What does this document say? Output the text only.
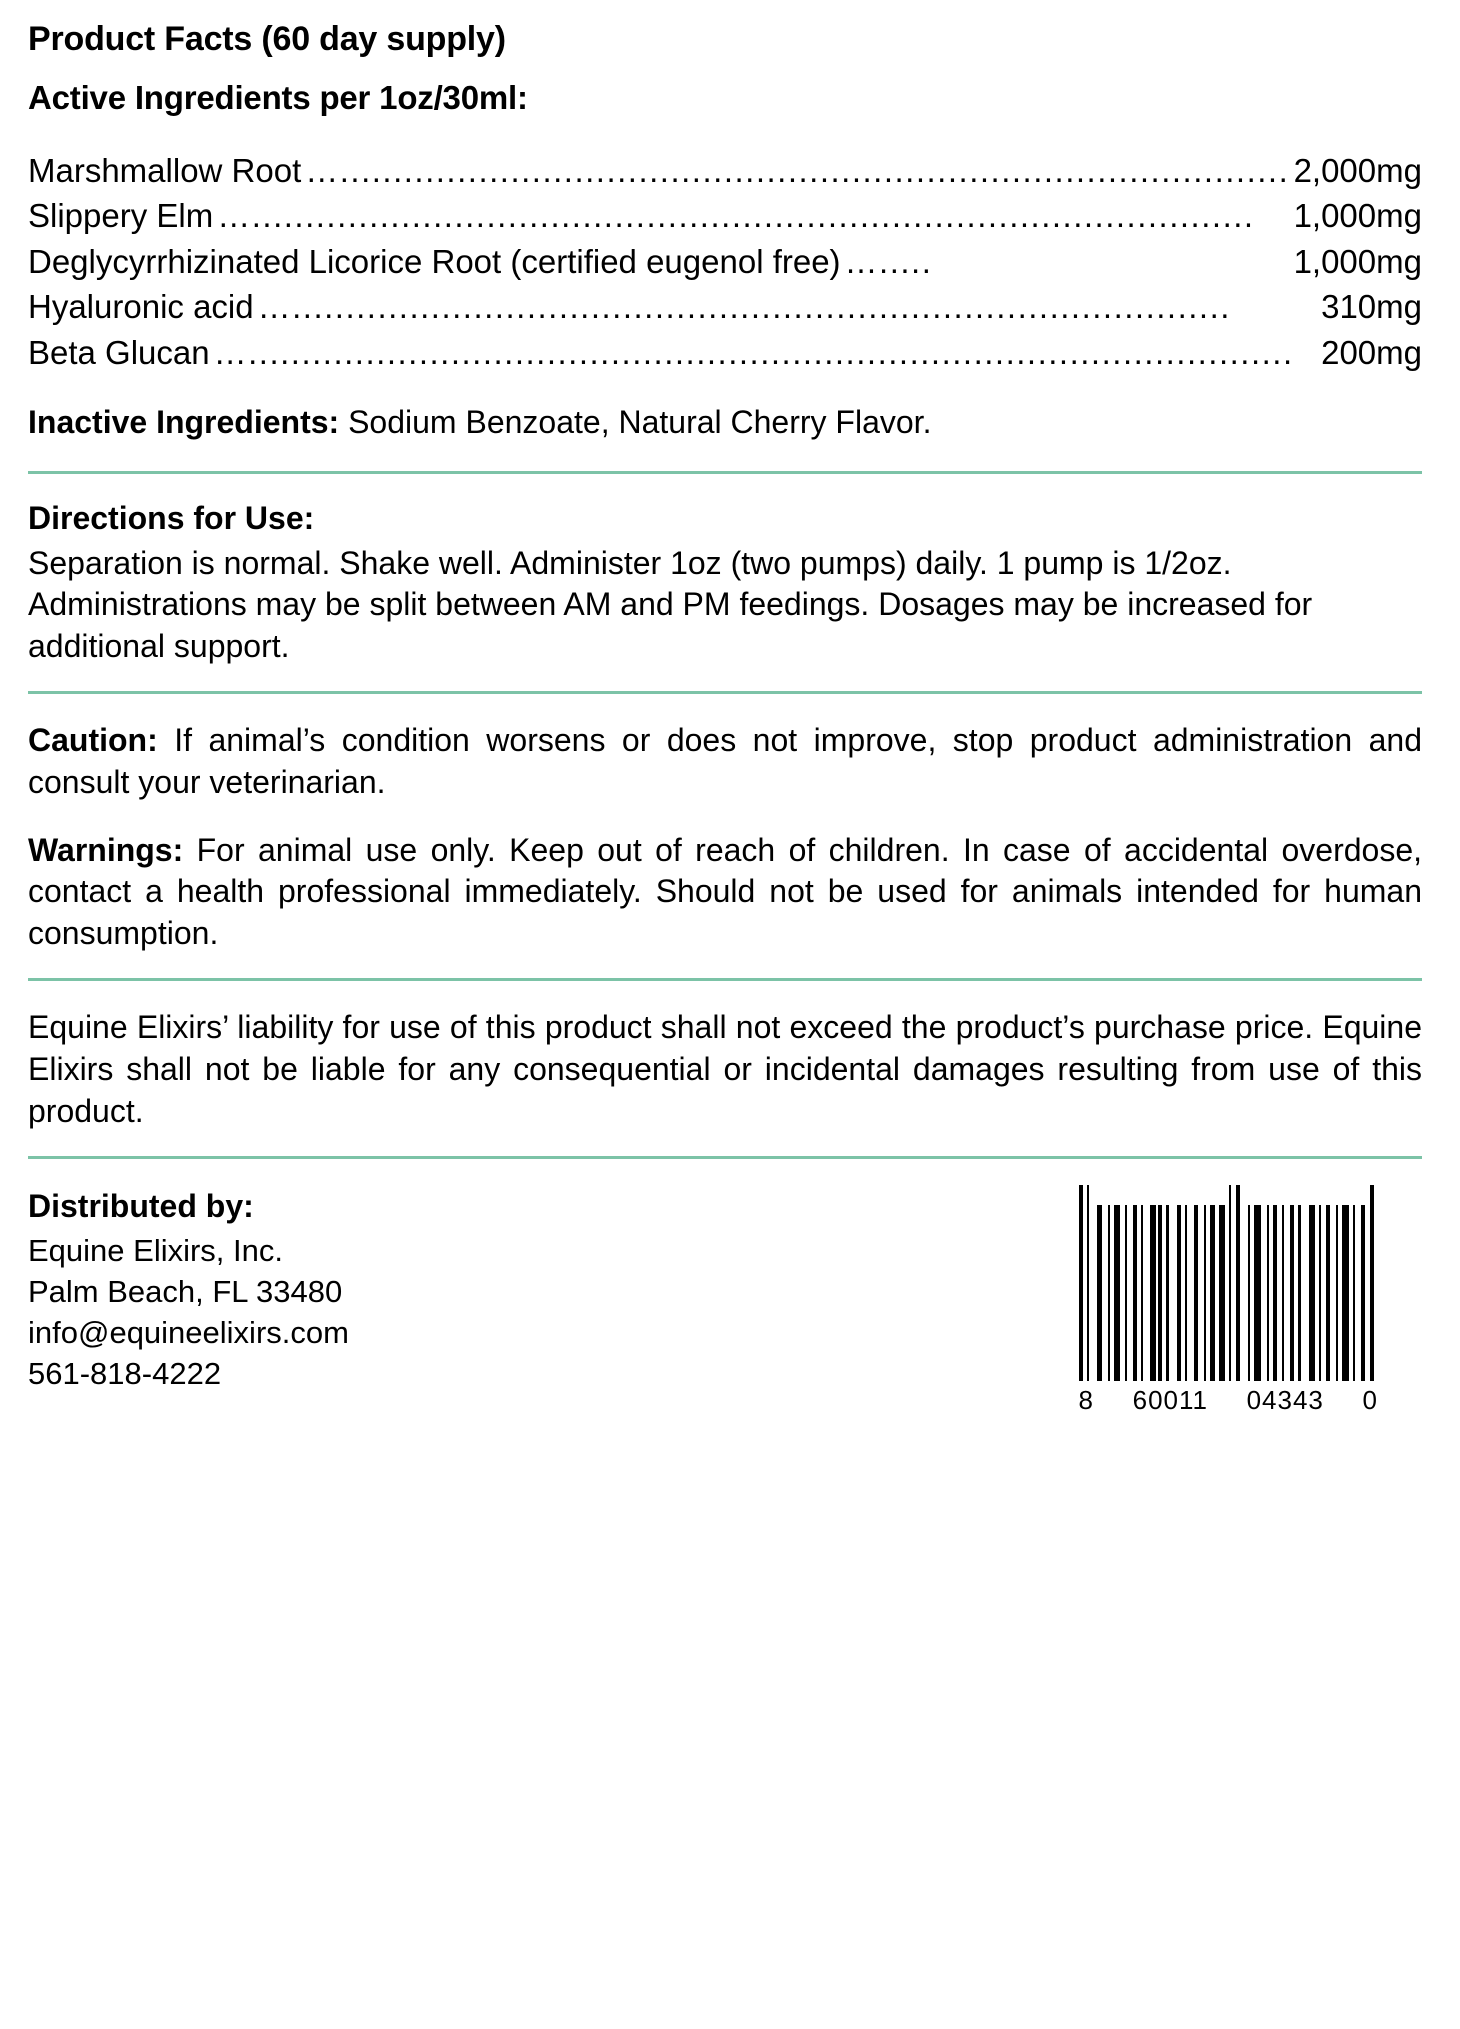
Product Facts (60 day supply)
Active Ingredients per 1oz/30ml:
Marshmallow Root …......................................................................................... 2,000mg
Slippery Elm …..............................................................................................	1,000mg
Deglycyrrhizinated Licorice Root (certified eugenol free) ….....	1,000mg
Hyaluronic acid …........................................................................................	310mg
Beta Glucan ….................................................................................................. 200mg
Inactive Ingredients: Sodium Benzoate, Natural Cherry Flavor.
Directions for Use:

Separation is normal. Shake well. Administer 1oz (two pumps) daily. 1 pump is 1/2oz. Administrations may be split between AM and PM feedings. Dosages may be increased for additional support.

Caution: If animal’s condition worsens or does not improve, stop product administration and consult your veterinarian.

Warnings: For animal use only. Keep out of reach of children. In case of accidental overdose, contact a health professional immediately. Should not be used for animals intended for human consumption.

Equine Elixirs’ liability for use of this product shall not exceed the product’s purchase price. Equine Elixirs shall not be liable for any consequential or incidental damages resulting from use of this product.

Distributed by:
Equine Elixirs, Inc.
Palm Beach, FL 33480
info@equineelixirs.com
561-818-4222
8 60011 04343 0
